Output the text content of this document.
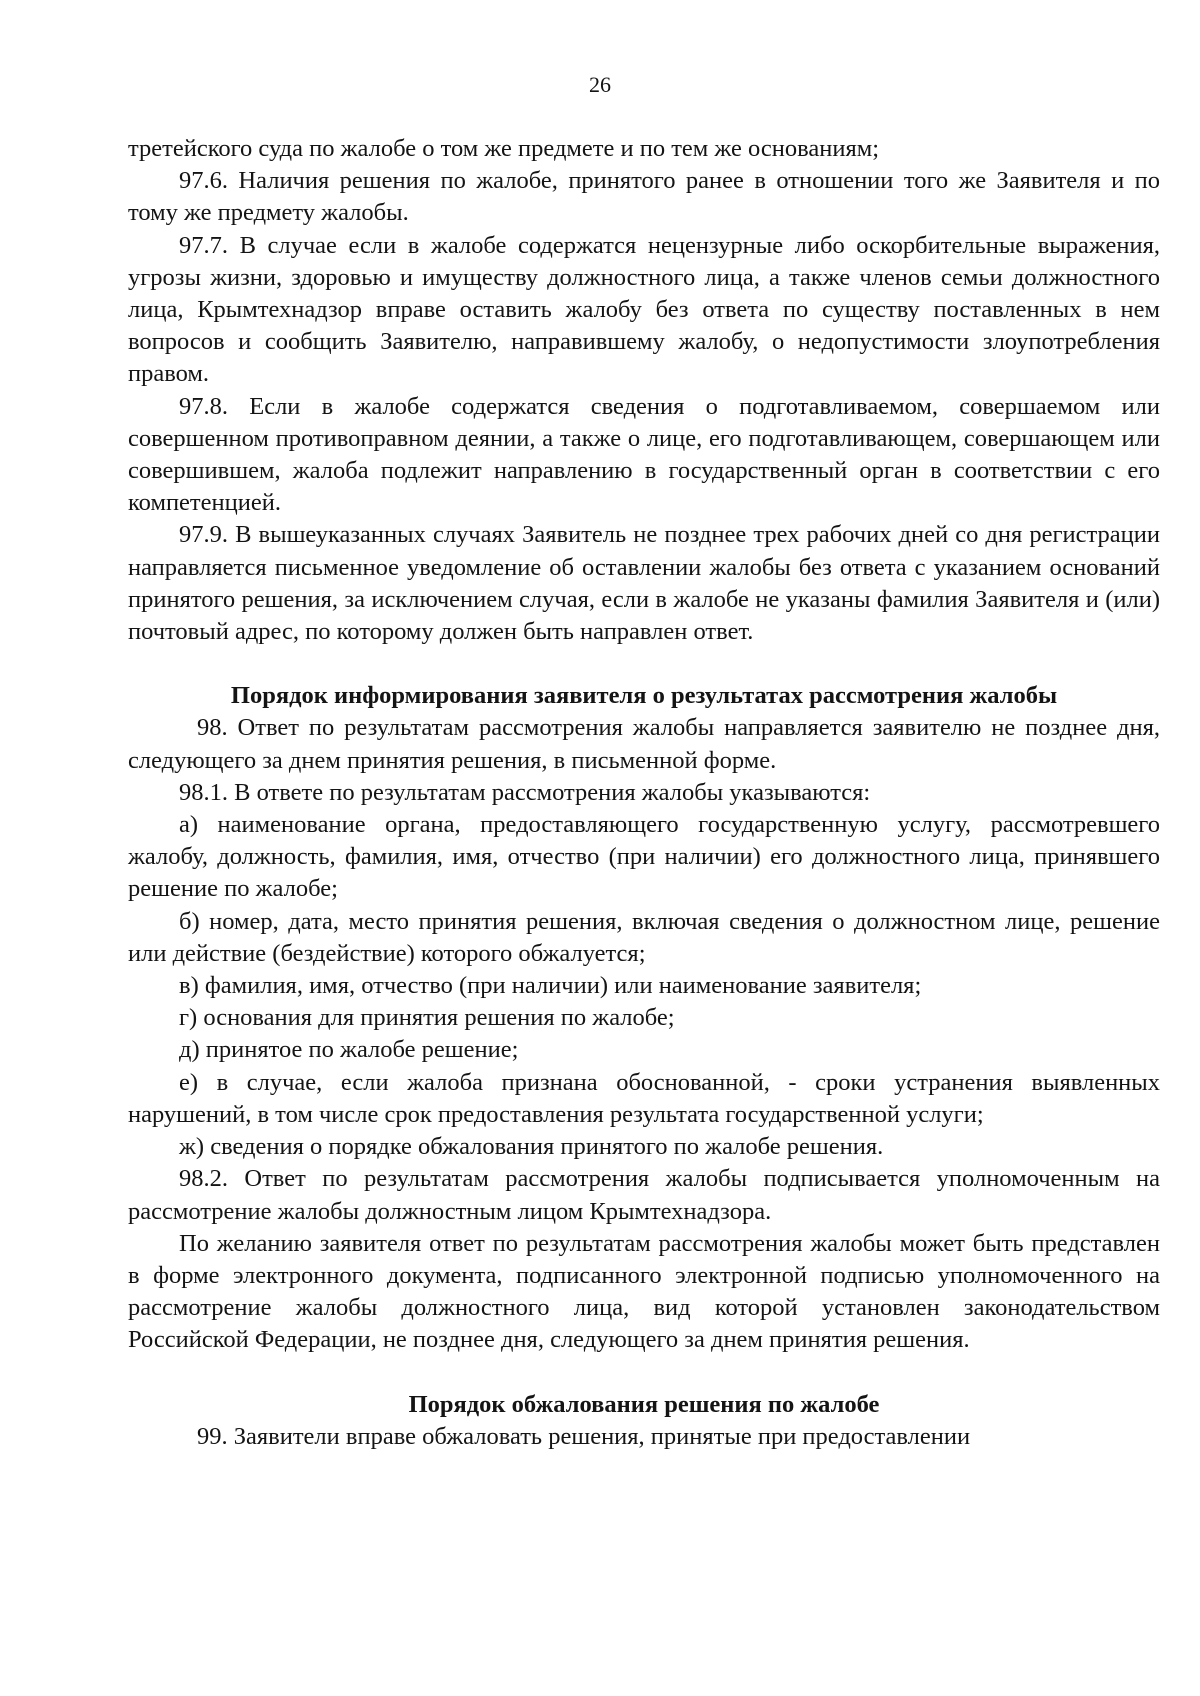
26

третейского суда по жалобе о том же предмете и по тем же основаниям;

97.6. Наличия решения по жалобе, принятого ранее в отношении того же Заявителя и по тому же предмету жалобы.

97.7. В случае если в жалобе содержатся нецензурные либо оскорбительные выражения, угрозы жизни, здоровью и имуществу должностного лица, а также членов семьи должностного лица, Крымтехнадзор вправе оставить жалобу без ответа по существу поставленных в нем вопросов и сообщить Заявителю, направившему жалобу, о недопустимости злоупотребления правом.

97.8. Если в жалобе содержатся сведения о подготавливаемом, совершаемом или совершенном противоправном деянии, а также о лице, его подготавливающем, совершающем или совершившем, жалоба подлежит направлению в государственный орган в соответствии с его компетенцией.

97.9. В вышеуказанных случаях Заявитель не позднее трех рабочих дней со дня регистрации направляется письменное уведомление об оставлении жалобы без ответа с указанием оснований принятого решения, за исключением случая, если в жалобе не указаны фамилия Заявителя и (или) почтовый адрес, по которому должен быть направлен ответ.

Порядок информирования заявителя о результатах рассмотрения жалобы

98. Ответ по результатам рассмотрения жалобы направляется заявителю не позднее дня, следующего за днем принятия решения, в письменной форме.

98.1. В ответе по результатам рассмотрения жалобы указываются:

а) наименование органа, предоставляющего государственную услугу, рассмотревшего жалобу, должность, фамилия, имя, отчество (при наличии) его должностного лица, принявшего решение по жалобе;

б) номер, дата, место принятия решения, включая сведения о должностном лице, решение или действие (бездействие) которого обжалуется;

в) фамилия, имя, отчество (при наличии) или наименование заявителя;

г) основания для принятия решения по жалобе;

д) принятое по жалобе решение;

е) в случае, если жалоба признана обоснованной, - сроки устранения выявленных нарушений, в том числе срок предоставления результата государственной услуги;

ж) сведения о порядке обжалования принятого по жалобе решения.

98.2. Ответ по результатам рассмотрения жалобы подписывается уполномоченным на рассмотрение жалобы должностным лицом Крымтехнадзора.

По желанию заявителя ответ по результатам рассмотрения жалобы может быть представлен в форме электронного документа, подписанного электронной подписью уполномоченного на рассмотрение жалобы должностного лица, вид которой установлен законодательством Российской Федерации, не позднее дня, следующего за днем принятия решения.

Порядок обжалования решения по жалобе

99. Заявители вправе обжаловать решения, принятые при предоставлении
